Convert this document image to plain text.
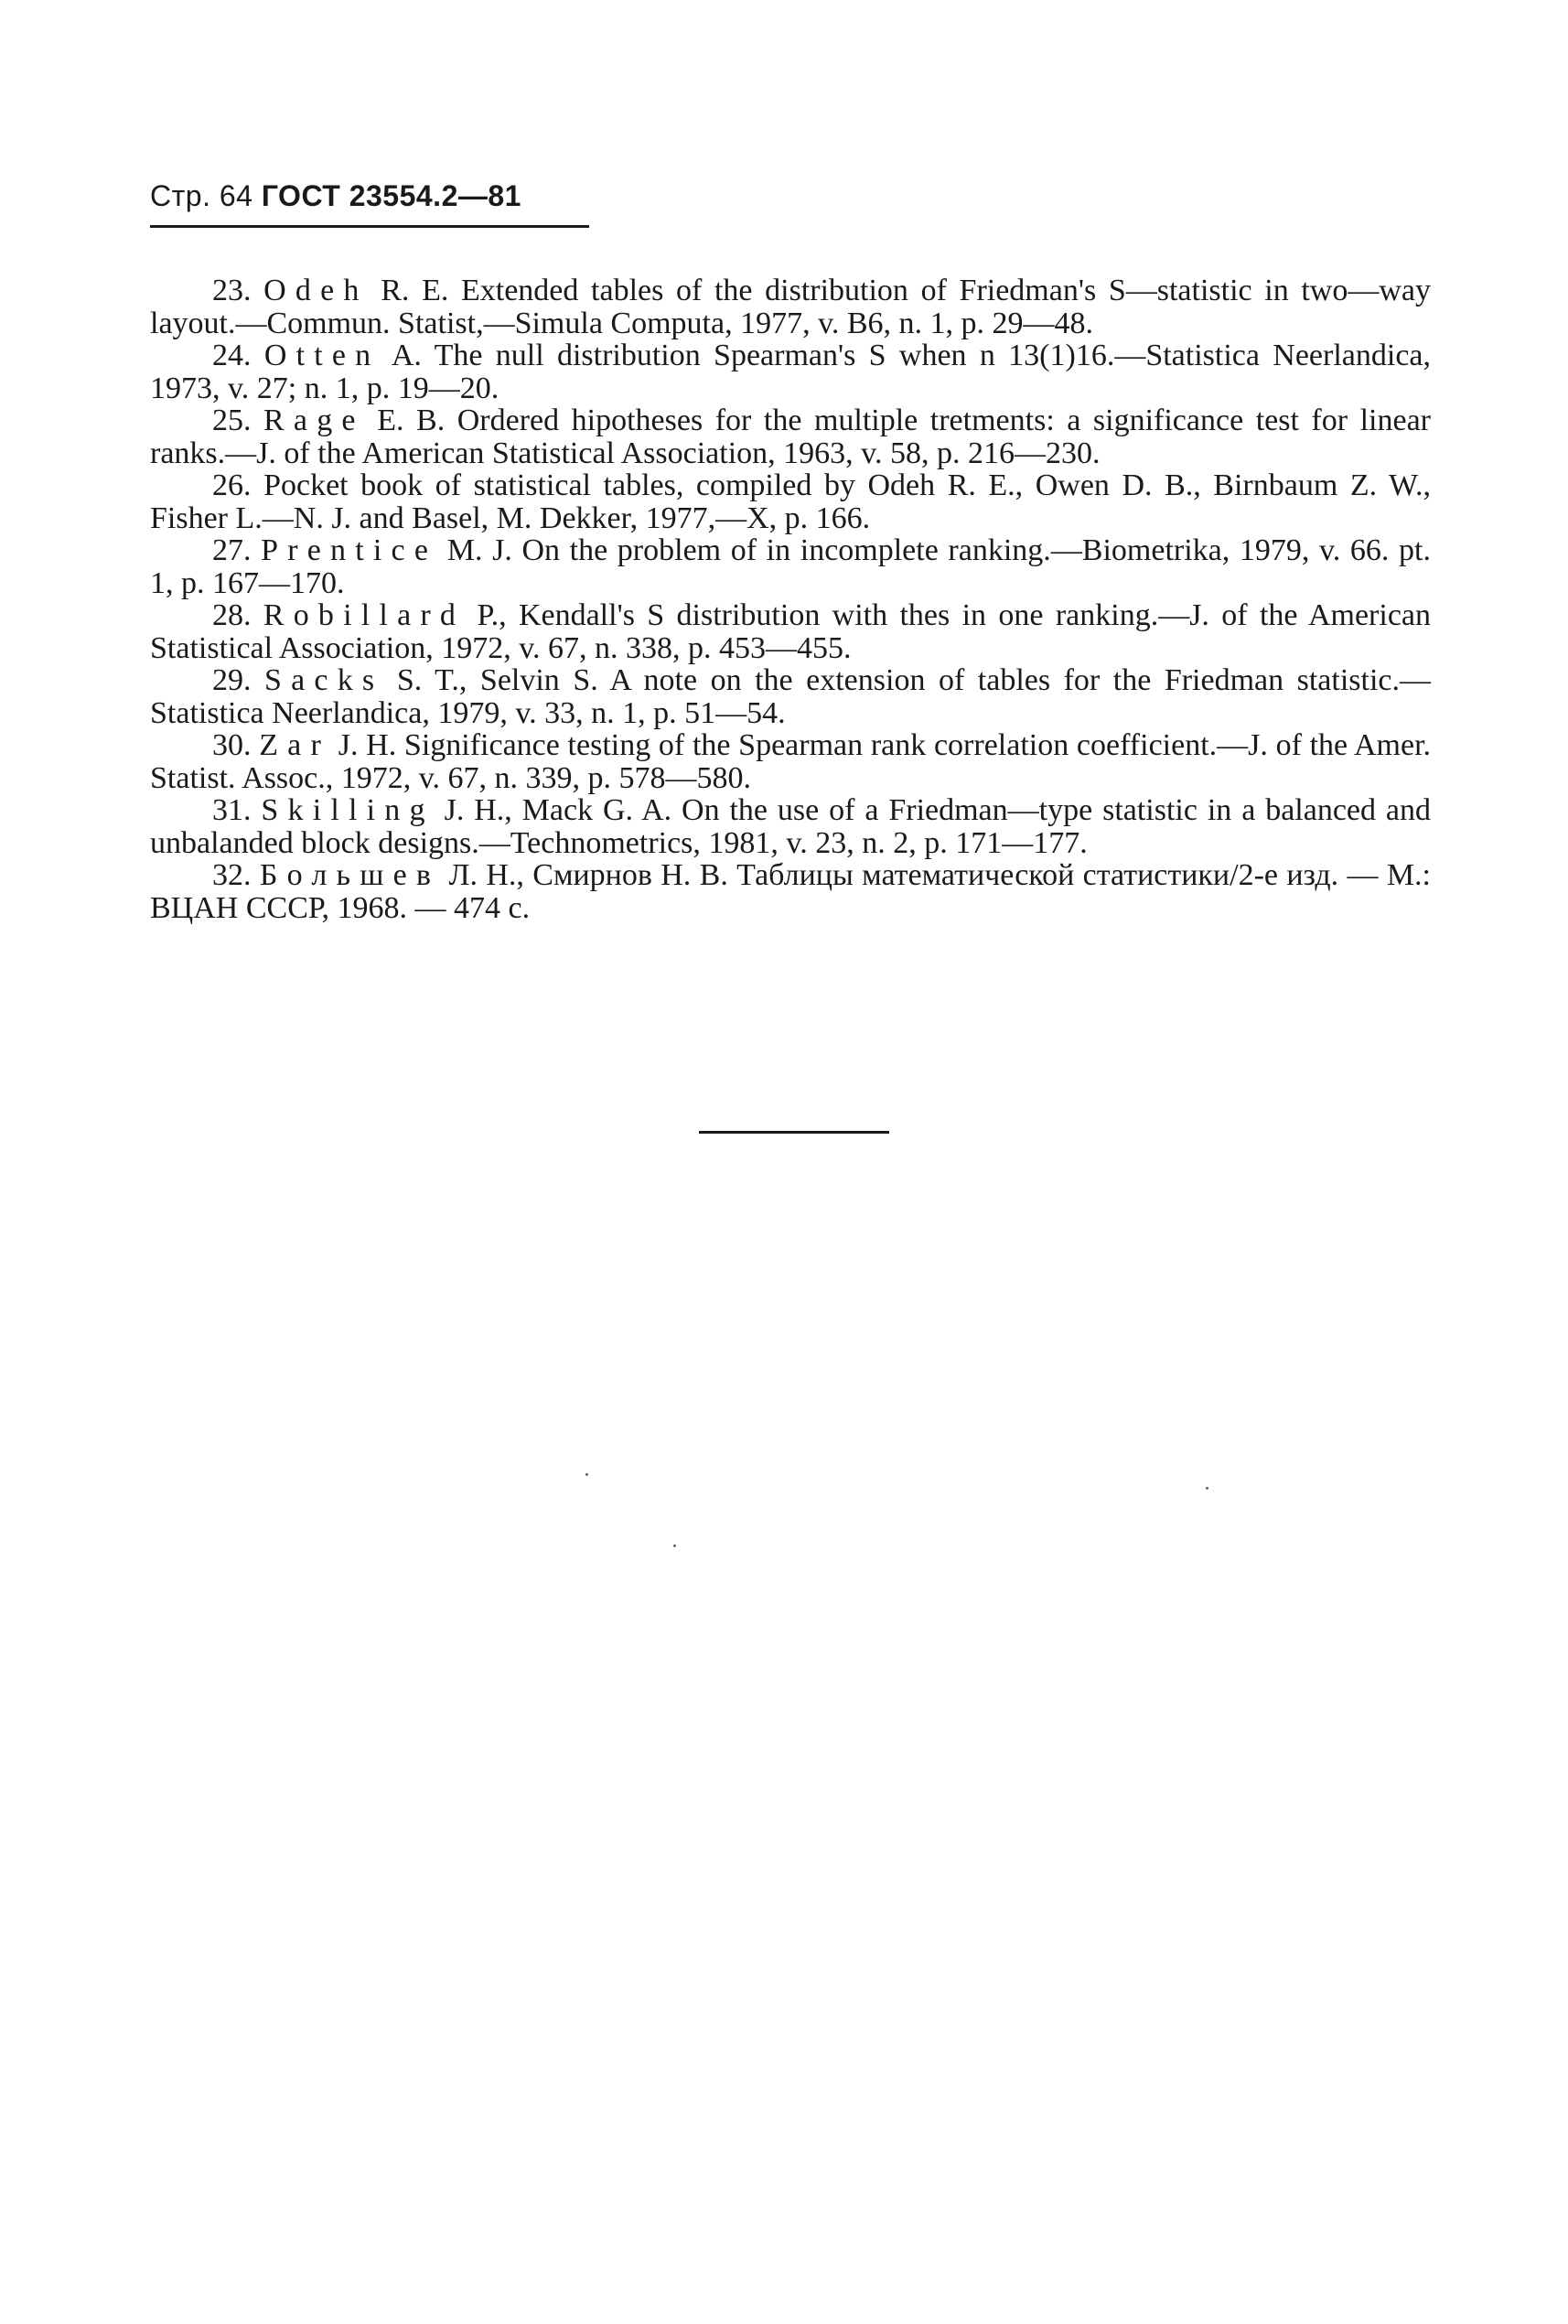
Стр. 64 ГОСТ 23554.2—81

23. Odeh R. E. Extended tables of the distribution of Friedman's S—statistic in two—way layout.—Commun. Statist,—Simula Computa, 1977, v. B6, n. 1, p. 29—48.

24. Otten A. The null distribution Spearman's S when n 13(1)16.—Statistica Neerlandica, 1973, v. 27; n. 1, p. 19—20.

25. Rage E. B. Ordered hipotheses for the multiple tretments: a significance test for linear ranks.—J. of the American Statistical Association, 1963, v. 58, p. 216—230.

26. Pocket book of statistical tables, compiled by Odeh R. E., Owen D. B., Birnbaum Z. W., Fisher L.—N. J. and Basel, M. Dekker, 1977,—X, p. 166.

27. Prentice M. J. On the problem of in incomplete ranking.—Biometrika, 1979, v. 66. pt. 1, p. 167—170.

28. Robillard P., Kendall's S distribution with thes in one ranking.—J. of the American Statistical Association, 1972, v. 67, n. 338, p. 453—455.

29. Sacks S. T., Selvin S. A note on the extension of tables for the Friedman statistic.—Statistica Neerlandica, 1979, v. 33, n. 1, p. 51—54.

30. Zar J. H. Significance testing of the Spearman rank correlation coefficient.—J. of the Amer. Statist. Assoc., 1972, v. 67, n. 339, p. 578—580.

31. Skilling J. H., Mack G. A. On the use of a Friedman—type statistic in a balanced and unbalanded block designs.—Technometrics, 1981, v. 23, n. 2, p. 171—177.

32. Большев Л. Н., Смирнов Н. В. Таблицы математической статистики/2-е изд. — М.: ВЦАН СССР, 1968. — 474 с.
